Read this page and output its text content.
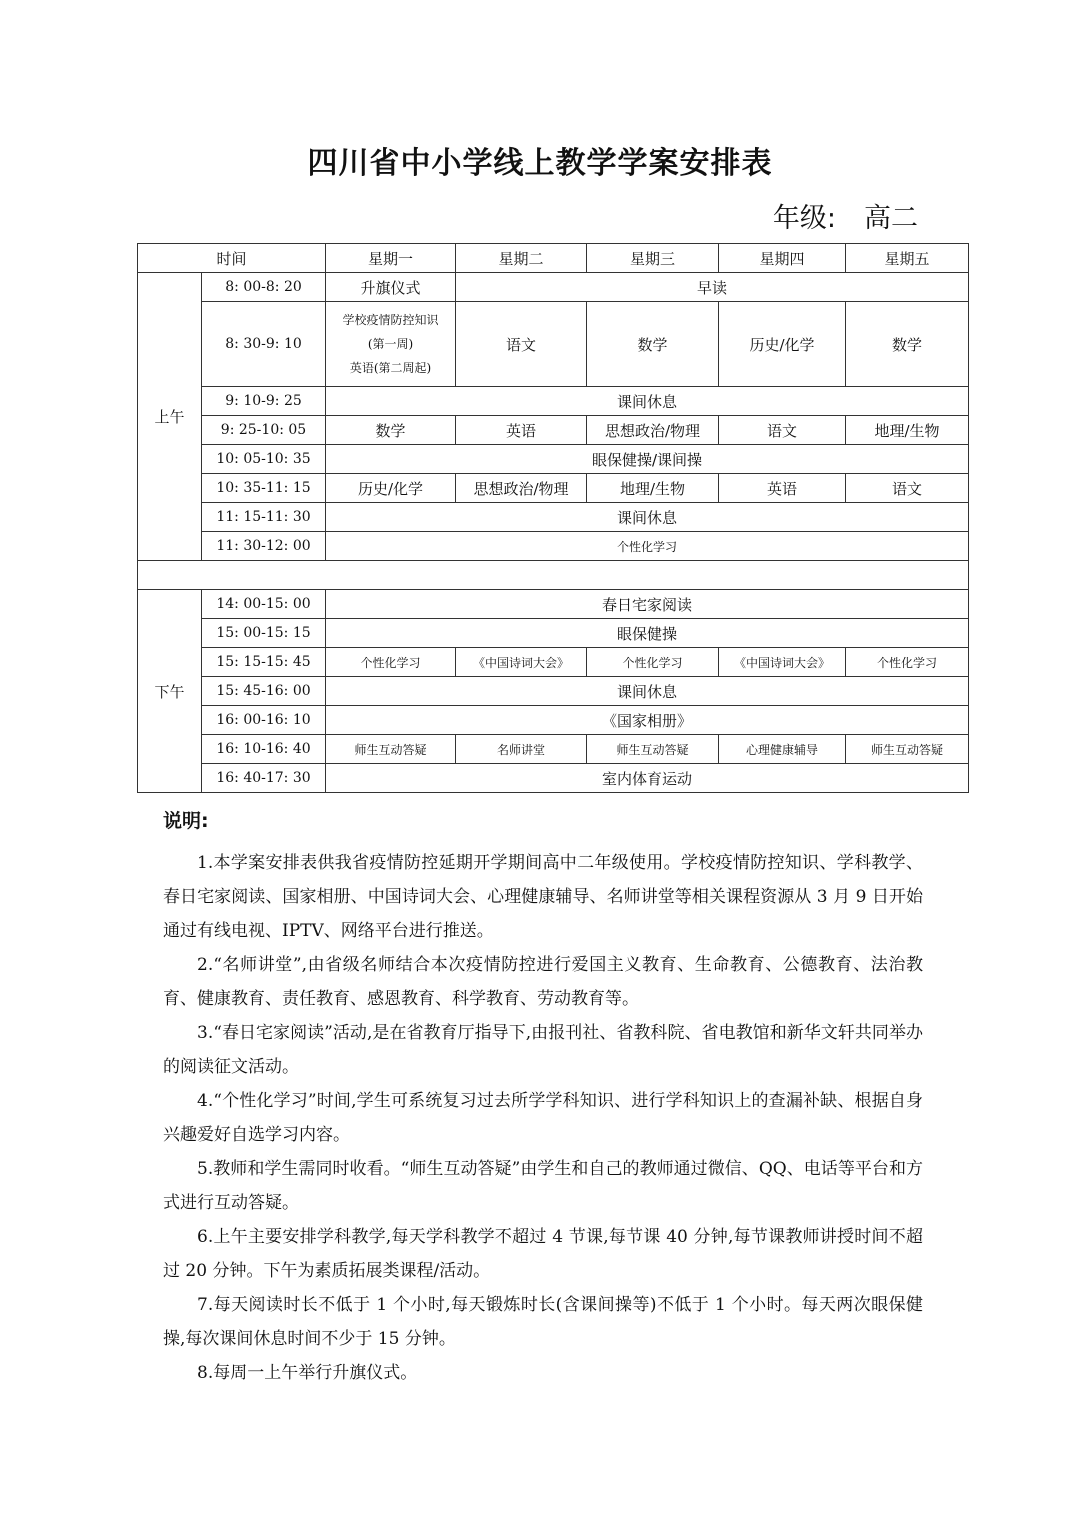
四川省中小学线上教学学案安排表
年级: 高二
时间		星期一	星期二	星期三	星期四	星期五
上午	8: 00-8: 20	升旗仪式	早读			
	8: 30-9: 10	学校疫情防控知识
(第一周)
英语(第二周起)	语文	数学	历史/化学	数学
	9: 10-9: 25	课间休息				
	9: 25-10: 05	数学	英语	思想政治/物理	语文	地理/生物
	10: 05-10: 35	眼保健操/课间操				
	10: 35-11: 15	历史/化学	思想政治/物理	地理/生物	英语	语文
	11: 15-11: 30	课间休息				
	11: 30-12: 00	个性化学习				

下午	14: 00-15: 00	春日宅家阅读				
	15: 00-15: 15	眼保健操				
	15: 15-15: 45	个性化学习	《中国诗词大会》	个性化学习	《中国诗词大会》	个性化学习
	15: 45-16: 00	课间休息				
	16: 00-16: 10	《国家相册》				
	16: 10-16: 40	师生互动答疑	名师讲堂	师生互动答疑	心理健康辅导	师生互动答疑
	16: 40-17: 30	室内体育运动				
说明:

1.本学案安排表供我省疫情防控延期开学期间高中二年级使用。学校疫情防控知识、学科教学、春日宅家阅读、国家相册、中国诗词大会、心理健康辅导、名师讲堂等相关课程资源从 3 月 9 日开始通过有线电视、IPTV、网络平台进行推送。

2.“名师讲堂”,由省级名师结合本次疫情防控进行爱国主义教育、生命教育、公德教育、法治教育、健康教育、责任教育、感恩教育、科学教育、劳动教育等。

3.“春日宅家阅读”活动,是在省教育厅指导下,由报刊社、省教科院、省电教馆和新华文轩共同举办的阅读征文活动。

4.“个性化学习”时间,学生可系统复习过去所学学科知识、进行学科知识上的查漏补缺、根据自身兴趣爱好自选学习内容。

5.教师和学生需同时收看。“师生互动答疑”由学生和自己的教师通过微信、QQ、电话等平台和方式进行互动答疑。

6.上午主要安排学科教学,每天学科教学不超过 4 节课,每节课 40 分钟,每节课教师讲授时间不超过 20 分钟。下午为素质拓展类课程/活动。

7.每天阅读时长不低于 1 个小时,每天锻炼时长(含课间操等)不低于 1 个小时。每天两次眼保健操,每次课间休息时间不少于 15 分钟。

8.每周一上午举行升旗仪式。
